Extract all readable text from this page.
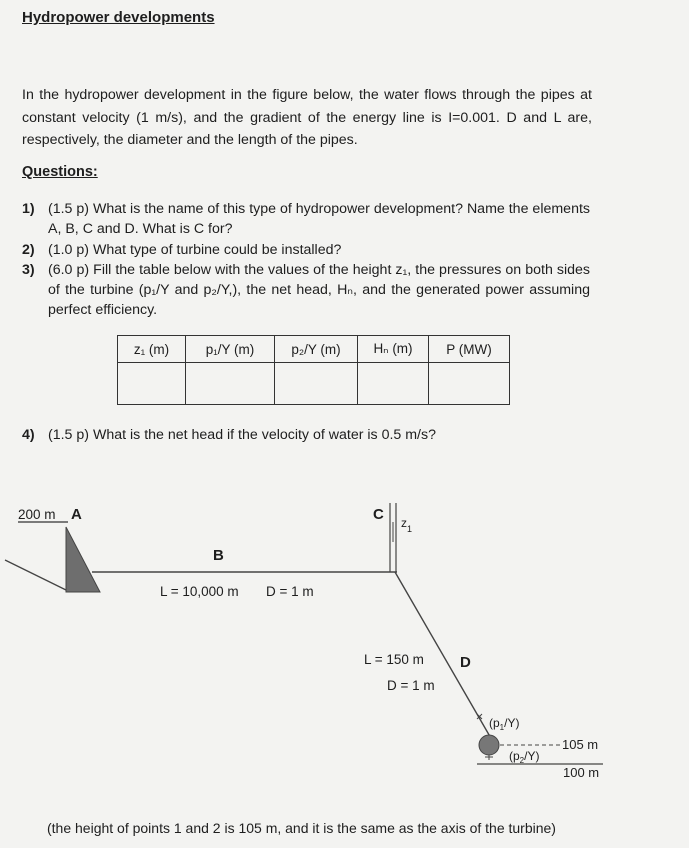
Hydropower developments
In the hydropower development in the figure below, the water flows through the pipes at constant velocity (1 m/s), and the gradient of the energy line is I=0.001. D and L are, respectively, the diameter and the length of the pipes.
Questions:
1) (1.5 p) What is the name of this type of hydropower development? Name the elements A, B, C and D. What is C for?
2) (1.0 p) What type of turbine could be installed?
3) (6.0 p) Fill the table below with the values of the height z₁, the pressures on both sides of the turbine (p₁/Υ and p₂/Υ,), the net head, Hₙ, and the generated power assuming perfect efficiency.
z₁ (m)	p₁/Υ (m)	p₂/Υ (m)	Hₙ (m)	P (MW)

4) (1.5 p) What is the net head if the velocity of water is 0.5 m/s?
200 m A
B
L = 10,000 m D = 1 m
C $z_1$
L = 150 m
D = 1 m
D
$(p_1/\Upsilon)$
$(p_2/\Upsilon)$
105 m
100 m
(the height of points 1 and 2 is 105 m, and it is the same as the axis of the turbine)
